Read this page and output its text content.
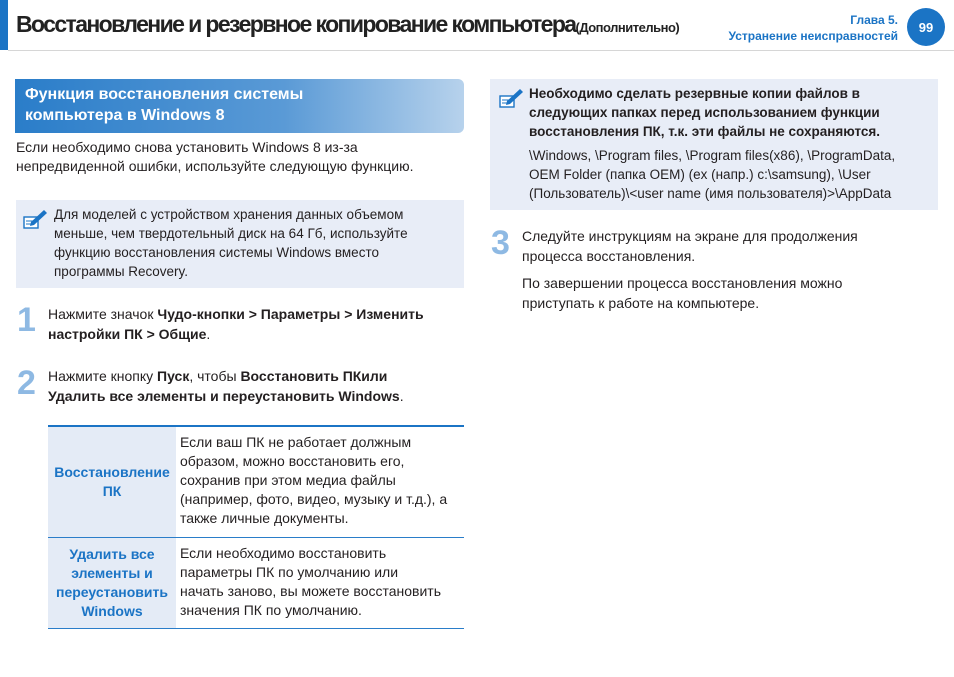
Восстановление и резервное копирование компьютера(Дополнительно)	Глава 5.
Устранение неисправностей
99
Функция восстановления системы
компьютера в Windows 8
Если необходимо снова установить Windows 8 из-за
непредвиденной ошибки, используйте следующую функцию.
Для моделей с устройством хранения данных объемом
меньше, чем твердотельный диск на 64 Гб, используйте
функцию восстановления системы Windows вместо
программы Recovery.
1 Нажмите значок Чудо-кнопки > Параметры > Изменить
настройки ПК > Общие.
2 Нажмите кнопку Пуск, чтобы Восстановить ПКили
Удалить все элементы и переустановить Windows.
Восстановление
ПК
Если ваш ПК не работает должным
образом, можно восстановить его,
сохранив при этом медиа файлы
(например, фото, видео, музыку и т.д.), а
также личные документы.
Удалить все
элементы и
переустановить
Windows
Если необходимо восстановить
параметры ПК по умолчанию или
начать заново, вы можете восстановить
значения ПК по умолчанию.
Необходимо сделать резервные копии файлов в
следующих папках перед использованием функции
восстановления ПК, т.к. эти файлы не сохраняются.
\Windows, \Program files, \Program files(x86), \ProgramData,
OEM Folder (папка OEM) (ex (напр.) c:\samsung), \User
(Пользователь)\<user name (имя пользователя)>\AppData
3 Следуйте инструкциям на экране для продолжения
процесса восстановления.
По завершении процесса восстановления можно
приступать к работе на компьютере.
